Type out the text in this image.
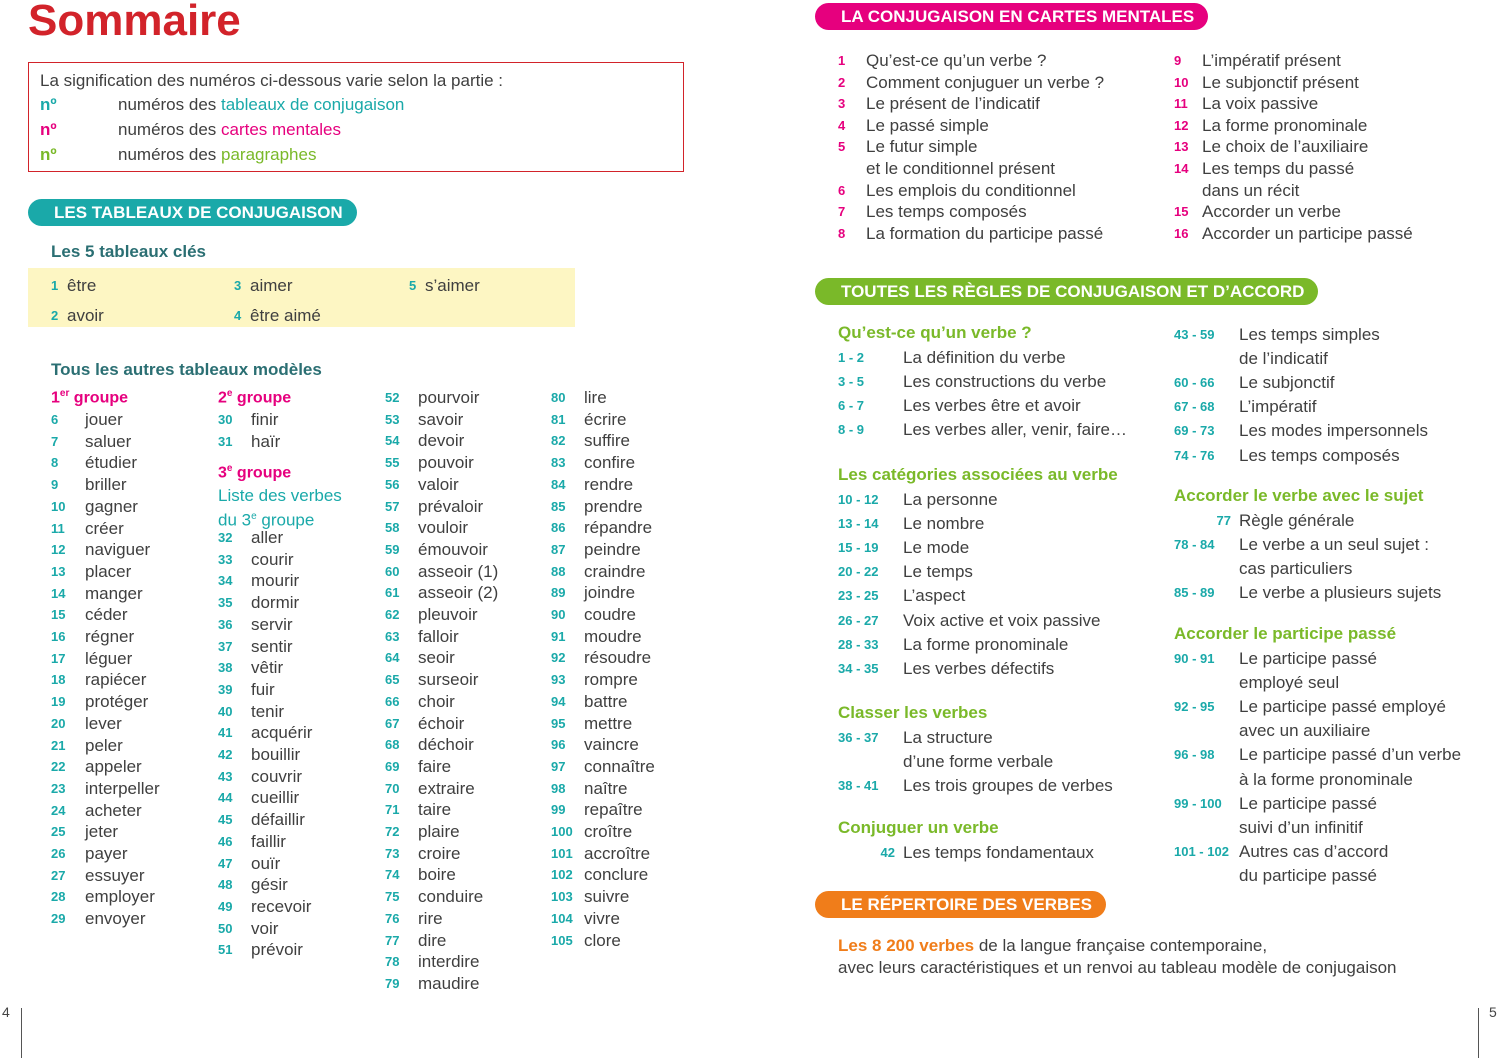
Sommaire
La signification des numéros ci-dessous varie selon la partie :
nº	numéros des tableaux de conjugaison
nº	numéros des cartes mentales
nº	numéros des paragraphes
LES TABLEAUX DE CONJUGAISON
Les 5 tableaux clés
1 être
2 avoir
3 aimer
4 être aimé
5 s’aimer
Tous les autres tableaux modèles
1er groupe	2e groupe
3e groupe
Liste des verbes
du 3e groupe
6 jouer
7 saluer
8 étudier
9 briller
10 gagner
11 créer
12 naviguer
13 placer
14 manger
15 céder
16 régner
17 léguer
18 rapiécer
19 protéger
20 lever
21 peler
22 appeler
23 interpeller
24 acheter
25 jeter
26 payer
27 essuyer
28 employer
29 envoyer
30 finir
31 haïr
32 aller
33 courir
34 mourir
35 dormir
36 servir
37 sentir
38 vêtir
39 fuir
40 tenir
41 acquérir
42 bouillir
43 couvrir
44 cueillir
45 défaillir
46 faillir
47 ouïr
48 gésir
49 recevoir
50 voir
51 prévoir
52 pourvoir
53 savoir
54 devoir
55 pouvoir
56 valoir
57 prévaloir
58 vouloir
59 émouvoir
60 asseoir (1)
61 asseoir (2)
62 pleuvoir
63 falloir
64 seoir
65 surseoir
66 choir
67 échoir
68 déchoir
69 faire
70 extraire
71 taire
72 plaire
73 croire
74 boire
75 conduire
76 rire
77 dire
78 interdire
79 maudire
80 lire
81 écrire
82 suffire
83 confire
84 rendre
85 prendre
86 répandre
87 peindre
88 craindre
89 joindre
90 coudre
91 moudre
92 résoudre
93 rompre
94 battre
95 mettre
96 vaincre
97 connaître
98 naître
99 repaître
100 croître
101 accroître
102 conclure
103 suivre
104 vivre
105 clore
LA CONJUGAISON EN CARTES MENTALES
1 Qu’est-ce qu’un verbe ?
2 Comment conjuguer un verbe ?
3 Le présent de l’indicatif
4 Le passé simple
5 Le futur simple
et le conditionnel présent
6 Les emplois du conditionnel
7 Les temps composés
8 La formation du participe passé
9 L’impératif présent
10 Le subjonctif présent
11 La voix passive
12 La forme pronominale
13 Le choix de l’auxiliaire
14 Les temps du passé
dans un récit
15 Accorder un verbe
16 Accorder un participe passé
TOUTES LES RÈGLES DE CONJUGAISON ET D’ACCORD
Qu’est-ce qu’un verbe ?
1 - 2	La définition du verbe
3 - 5	Les constructions du verbe
6 - 7	Les verbes être et avoir
8 - 9	Les verbes aller, venir, faire…
Les catégories associées au verbe
10 - 12	La personne
13 - 14	Le nombre
15 - 19	Le mode
20 - 22	Le temps
23 - 25	L’aspect
26 - 27	Voix active et voix passive
28 - 33	La forme pronominale
34 - 35	Les verbes défectifs
Classer les verbes
36 - 37	La structure
d’une forme verbale
38 - 41	Les trois groupes de verbes
Conjuguer un verbe
42 Les temps fondamentaux
43 - 59	Les temps simples
de l’indicatif
60 - 66	Le subjonctif
67 - 68	L’impératif
69 - 73	Les modes impersonnels
74 - 76	Les temps composés
Accorder le verbe avec le sujet
77 Règle générale
78 - 84	Le verbe a un seul sujet :
cas particuliers
85 - 89	Le verbe a plusieurs sujets
Accorder le participe passé
90 - 91	Le participe passé
employé seul
92 - 95	Le participe passé employé
avec un auxiliaire
96 - 98	Le participe passé d’un verbe
à la forme pronominale
99 - 100	Le participe passé
suivi d’un infinitif
101 - 102 Autres cas d’accord
du participe passé
LE RÉPERTOIRE DES VERBES
Les 8 200 verbes de la langue française contemporaine,
avec leurs caractéristiques et un renvoi au tableau modèle de conjugaison
4	5
